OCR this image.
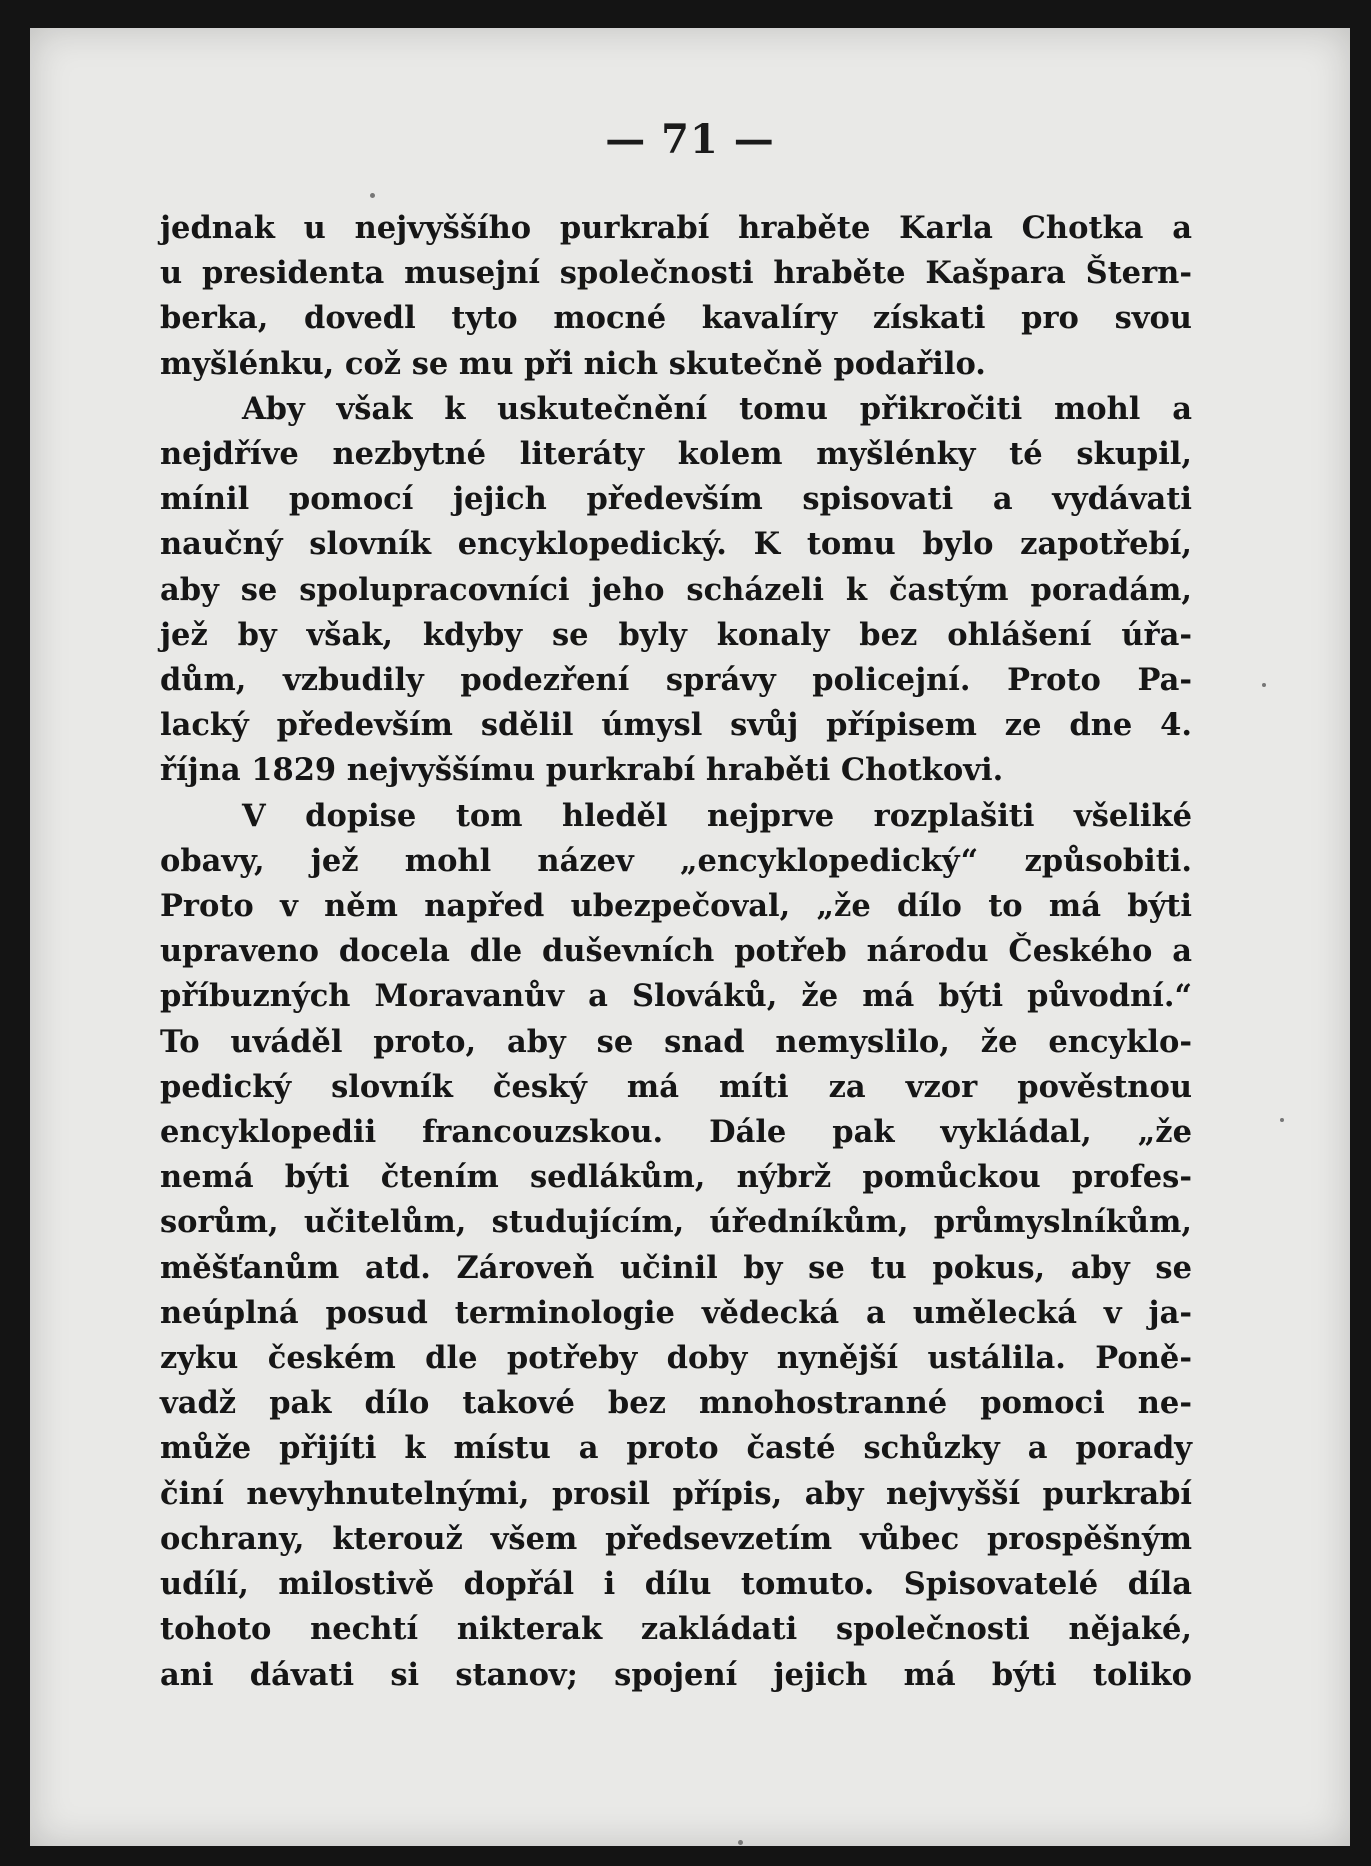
— 71 —
jednak u nejvyššího purkrabí hraběte Karla Chotka a
u presidenta musejní společnosti hraběte Kašpara Štern-
berka, dovedl tyto mocné kavalíry získati pro svou
myšlénku, což se mu při nich skutečně podařilo.
Aby však k uskutečnění tomu přikročiti mohl a
nejdříve nezbytné literáty kolem myšlénky té skupil,
mínil pomocí jejich především spisovati a vydávati
naučný slovník encyklopedický. K tomu bylo zapotřebí,
aby se spolupracovníci jeho scházeli k častým poradám,
jež by však, kdyby se byly konaly bez ohlášení úřa-
dům, vzbudily podezření správy policejní. Proto Pa-
lacký především sdělil úmysl svůj přípisem ze dne 4.
října 1829 nejvyššímu purkrabí hraběti Chotkovi.
V dopise tom hleděl nejprve rozplašiti všeliké
obavy, jež mohl název „encyklopedický“ způsobiti.
Proto v něm napřed ubezpečoval, „že dílo to má býti
upraveno docela dle duševních potřeb národu Českého a
příbuzných Moravanův a Slováků, že má býti původní.“
To uváděl proto, aby se snad nemyslilo, že encyklo-
pedický slovník český má míti za vzor pověstnou
encyklopedii francouzskou. Dále pak vykládal, „že
nemá býti čtením sedlákům, nýbrž pomůckou profes-
sorům, učitelům, studujícím, úředníkům, průmyslníkům,
měšťanům atd. Zároveň učinil by se tu pokus, aby se
neúplná posud terminologie vědecká a umělecká v ja-
zyku českém dle potřeby doby nynější ustálila. Poně-
vadž pak dílo takové bez mnohostranné pomoci ne-
může přijíti k místu a proto časté schůzky a porady
činí nevyhnutelnými, prosil přípis, aby nejvyšší purkrabí
ochrany, kterouž všem předsevzetím vůbec prospěšným
udílí, milostivě dopřál i dílu tomuto. Spisovatelé díla
tohoto nechtí nikterak zakládati společnosti nějaké,
ani dávati si stanov; spojení jejich má býti toliko
